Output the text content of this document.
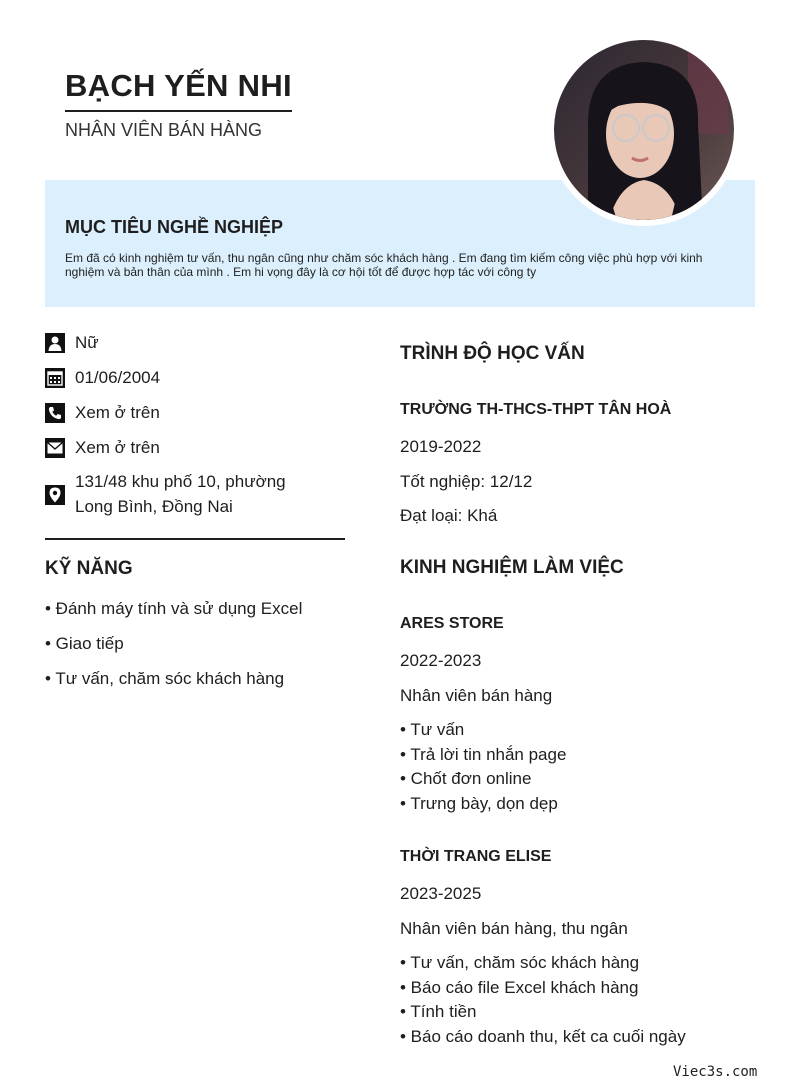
BẠCH YẾN NHI
NHÂN VIÊN BÁN HÀNG
MỤC TIÊU NGHỀ NGHIỆP
Em đã có kinh nghiệm tư vấn, thu ngân cũng như chăm sóc khách hàng . Em đang tìm kiếm công việc phù hợp với kinh nghiệm và bản thân của mình . Em hi vọng đây là cơ hội tốt để được hợp tác với công ty
Nữ
01/06/2004
Xem ở trên
Xem ở trên
131/48 khu phố 10, phường
Long Bình, Đồng Nai
KỸ NĂNG
• Đánh máy tính và sử dụng Excel
• Giao tiếp
• Tư vấn, chăm sóc khách hàng
TRÌNH ĐỘ HỌC VẤN
TRƯỜNG TH-THCS-THPT TÂN HOÀ
2019-2022
Tốt nghiệp: 12/12
Đạt loại: Khá
KINH NGHIỆM LÀM VIỆC
ARES STORE
2022-2023
Nhân viên bán hàng
• Tư vấn
• Trả lời tin nhắn page
• Chốt đơn online
• Trưng bày, dọn dẹp
THỜI TRANG ELISE
2023-2025
Nhân viên bán hàng, thu ngân
• Tư vấn, chăm sóc khách hàng
• Báo cáo file Excel khách hàng
• Tính tiền
• Báo cáo doanh thu, kết ca cuối ngày
Viec3s.com
